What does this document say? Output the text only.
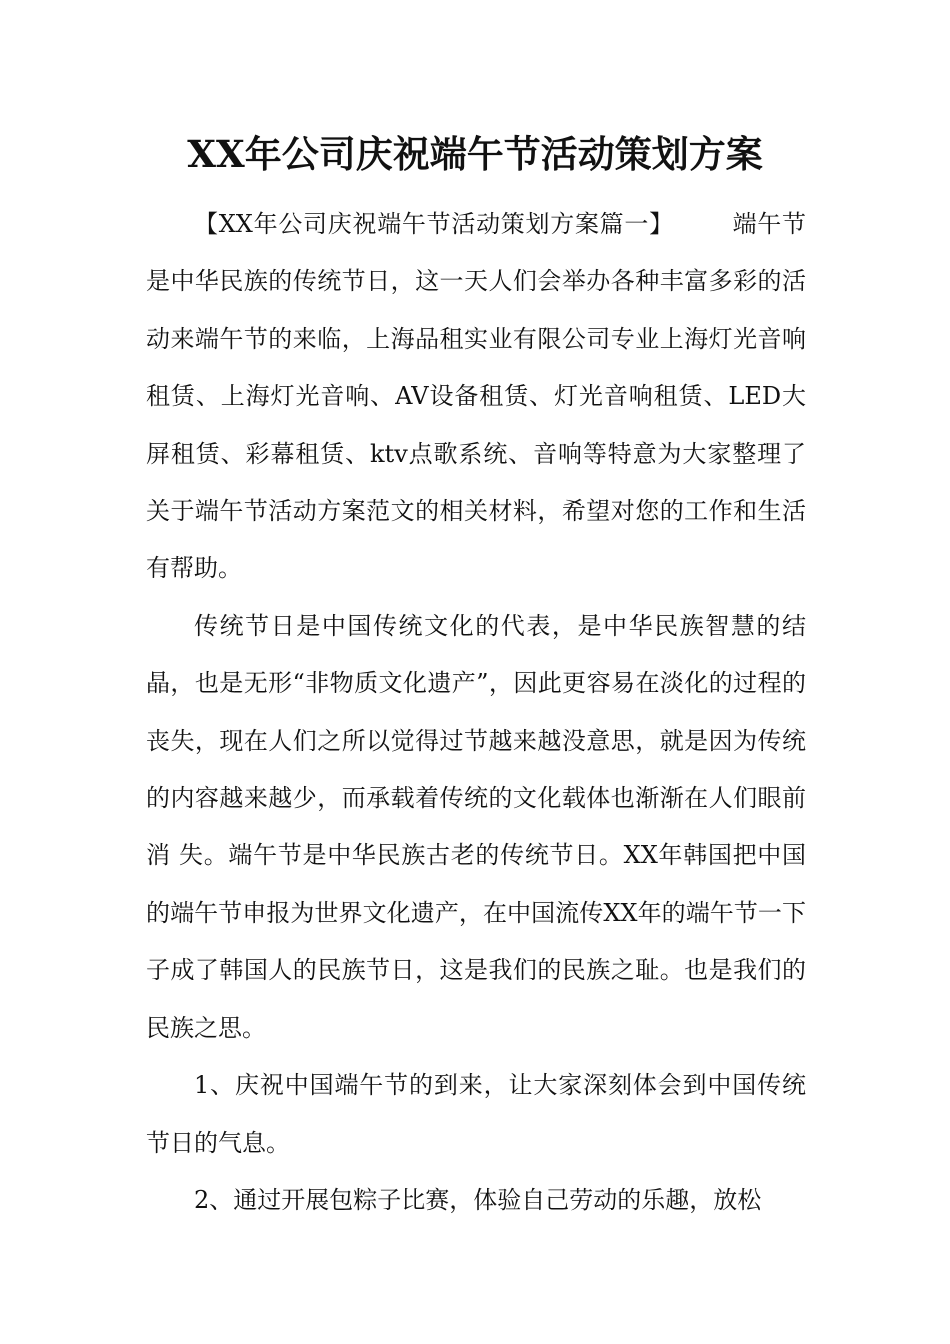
XX年公司庆祝端午节活动策划方案

【XX年公司庆祝端午节活动策划方案篇一】 端午节是中华民族的传统节日，这一天人们会举办各种丰富多彩的活动来端午节的来临，上海品租实业有限公司专业上海灯光音响租赁、上海灯光音响、AV设备租赁、灯光音响租赁、LED大屏租赁、彩幕租赁、ktv点歌系统、音响等特意为大家整理了关于端午节活动方案范文的相关材料，希望对您的工作和生活有帮助。

传统节日是中国传统文化的代表，是中华民族智慧的结晶，也是无形“非物质文化遗产”，因此更容易在淡化的过程的丧失，现在人们之所以觉得过节越来越没意思，就是因为传统的内容越来越少，而承载着传统的文化载体也渐渐在人们眼前消 失。端午节是中华民族古老的传统节日。XX年韩国把中国的端午节申报为世界文化遗产，在中国流传XX年的端午节一下子成了韩国人的民族节日，这是我们的民族之耻。也是我们的民族之思。

1、庆祝中国端午节的到来，让大家深刻体会到中国传统节日的气息。

2、通过开展包粽子比赛，体验自己劳动的乐趣，放松
